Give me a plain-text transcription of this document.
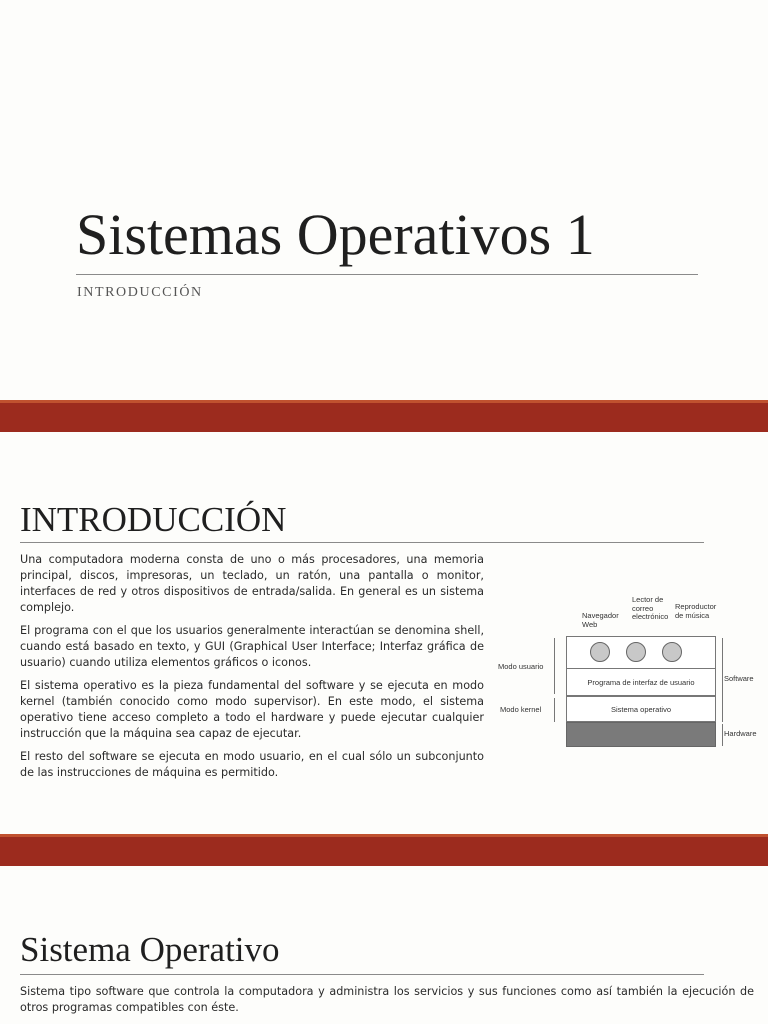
Sistemas Operativos 1
INTRODUCCIÓN
INTRODUCCIÓN

Una computadora moderna consta de uno o más procesadores, una memoria principal, discos, impresoras, un teclado, un ratón, una pantalla o monitor, interfaces de red y otros dispositivos de entrada/salida. En general es un sistema complejo.

El programa con el que los usuarios generalmente interactúan se denomina shell, cuando está basado en texto, y GUI (Graphical User Interface; Interfaz gráfica de usuario) cuando utiliza elementos gráficos o iconos.

El sistema operativo es la pieza fundamental del software y se ejecuta en modo kernel (también conocido como modo supervisor). En este modo, el sistema operativo tiene acceso completo a todo el hardware y puede ejecutar cualquier instrucción que la máquina sea capaz de ejecutar.

El resto del software se ejecuta en modo usuario, en el cual sólo un subconjunto de las instrucciones de máquina es permitido.

Navegador
Web
Lector de
correo
electrónico
Reproductor
de música
Programa de interfaz de usuario
Sistema operativo
Modo usuario
Modo kernel
Software
Hardware
Sistema Operativo
Sistema tipo software que controla la computadora y administra los servicios y sus funciones como así también la ejecución de otros programas compatibles con éste.
